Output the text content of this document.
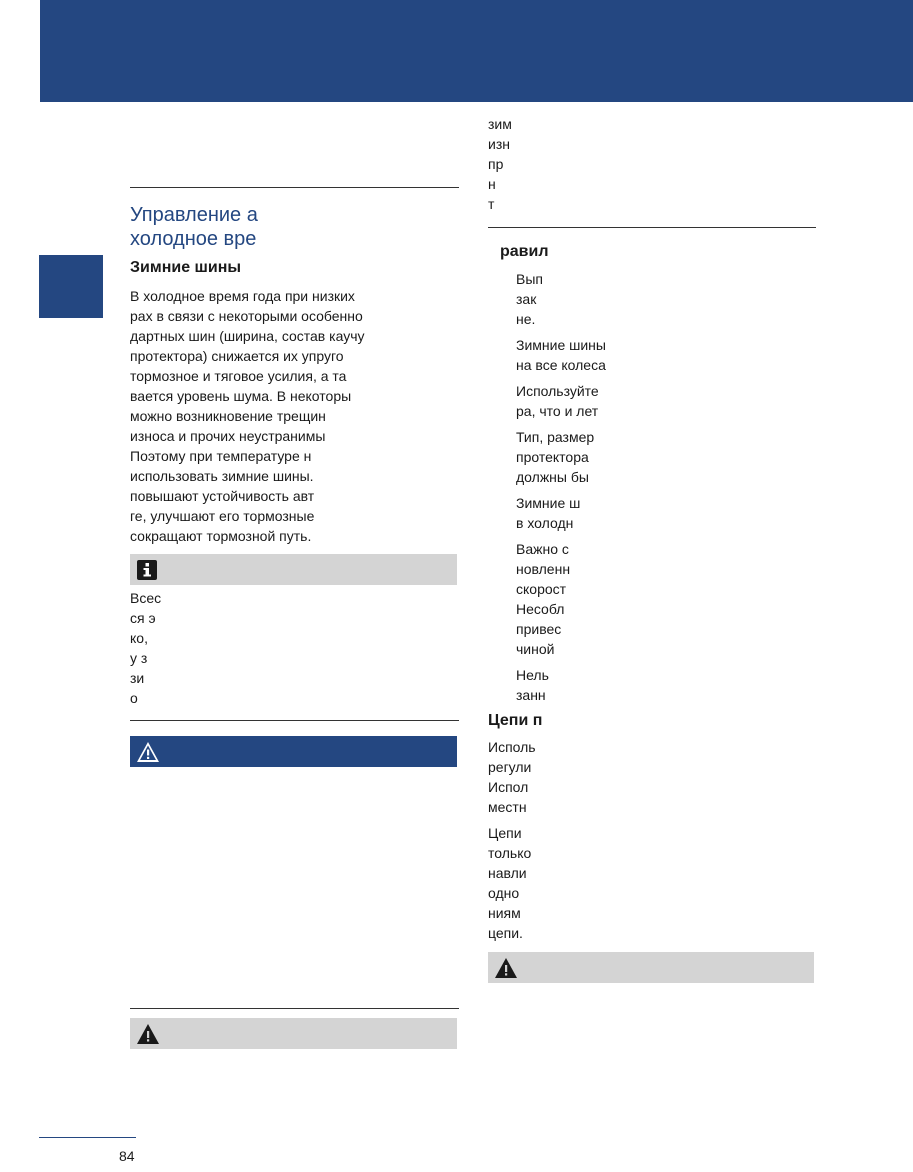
Управление а
холодное вре
Зимние шины
В холодное время года при низких
рах в связи с некоторыми особенно
дартных шин (ширина, состав каучу
протектора) снижается их упруго
тормозное и тяговое усилия, а та
вается уровень шума. В некоторы
можно возникновение трещин
износа и прочих неустранимы
Поэтому при температуре н
использовать зимние шины.
повышают устойчивость авт
ге, улучшают его тормозные
сокращают тормозной путь.
Всес
ся э
ко,
у з
зи
о
зим
изн
пр
н
т
равил
Вып
зак
не.
Зимние шины
на все колеса
Используйте
ра, что и лет
Тип, размер
протектора
должны бы
Зимние ш
в холодн
Важно с
новленн
скорост
Несобл
привес
чиной
Нель
занн
Цепи п
Исполь
регули
Испол
местн
Цепи
только
навли
одно
ниям
цепи.
84
